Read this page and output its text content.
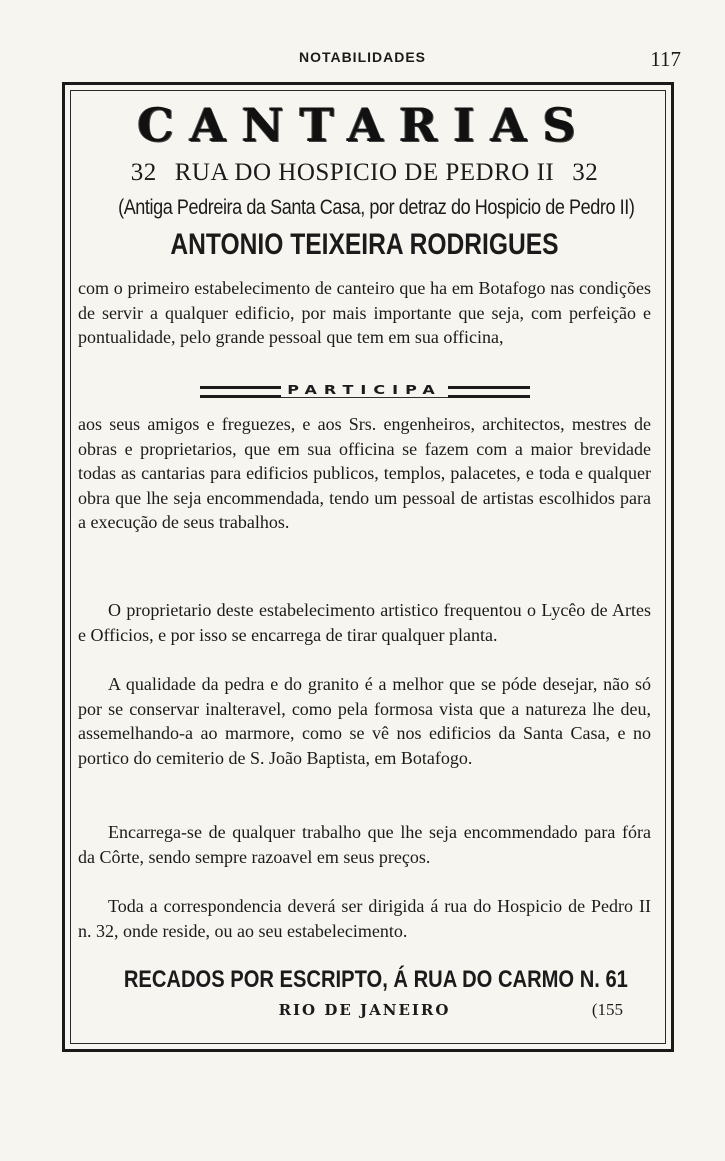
NOTABILIDADES	117
CANTARIAS
32 RUA DO HOSPICIO DE PEDRO II 32
(Antiga Pedreira da Santa Casa, por detraz do Hospicio de Pedro II)
ANTONIO TEIXEIRA RODRIGUES

com o primeiro estabelecimento de canteiro que ha em Botafogo nas condições de servir a qualquer edificio, por mais importante que seja, com perfeição e pontualidade, pelo grande pessoal que tem em sua officina,

PARTICIPA

aos seus amigos e freguezes, e aos Srs. engenheiros, architectos, mestres de obras e proprietarios, que em sua officina se fazem com a maior brevidade todas as cantarias para edificios publicos, templos, palacetes, e toda e qualquer obra que lhe seja encommendada, tendo um pessoal de artistas escolhidos para a execução de seus trabalhos.

O proprietario deste estabelecimento artistico frequentou o Lycêo de Artes e Officios, e por isso se encarrega de tirar qualquer planta.

A qualidade da pedra e do granito é a melhor que se póde desejar, não só por se conservar inalteravel, como pela formosa vista que a natureza lhe deu, assemelhando-a ao marmore, como se vê nos edificios da Santa Casa, e no portico do cemiterio de S. João Baptista, em Botafogo.

Encarrega-se de qualquer trabalho que lhe seja encommendado para fóra da Côrte, sendo sempre razoavel em seus preços.

Toda a correspondencia deverá ser dirigida á rua do Hospicio de Pedro II n. 32, onde reside, ou ao seu estabelecimento.

RECADOS POR ESCRIPTO, Á RUA DO CARMO N. 61
RIO DE JANEIRO	(155
